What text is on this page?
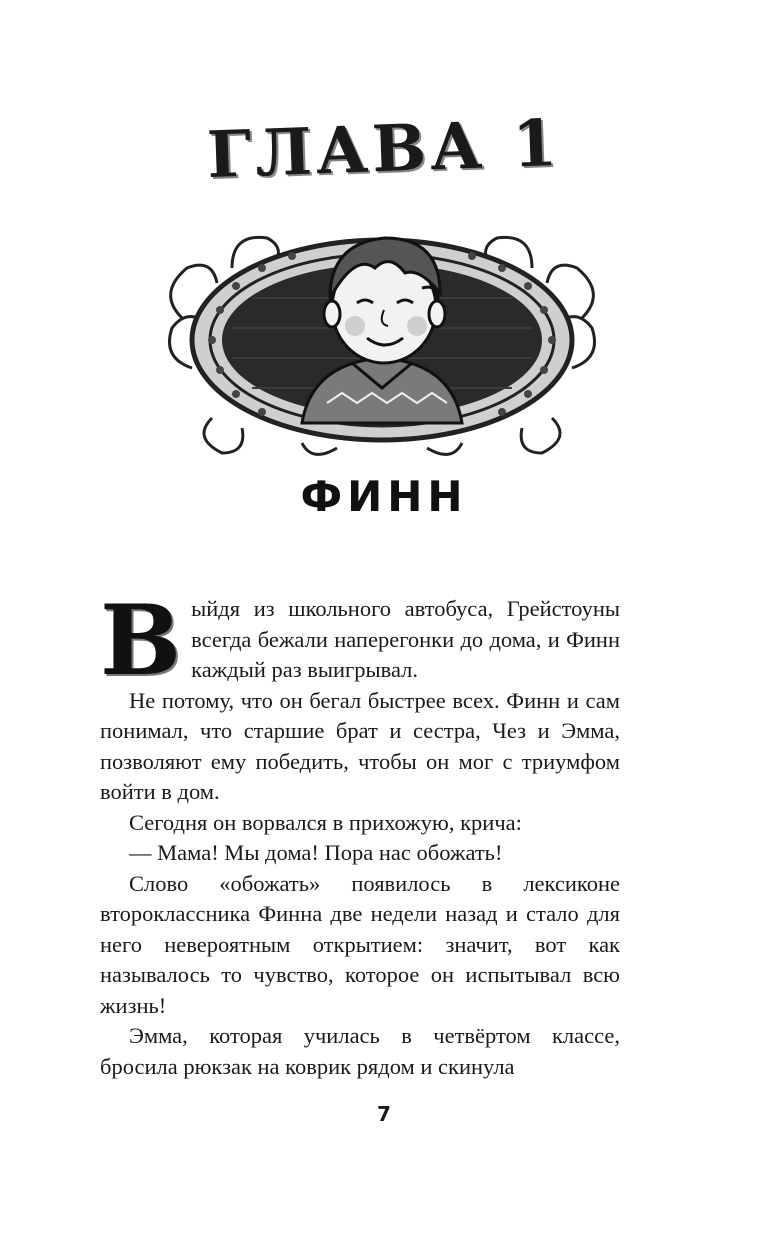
ГЛАВА 1
ФИНН

Выйдя из школьного автобуса, Грейстоуны всегда бежали наперегонки до дома, и Финн каждый раз выигрывал.

Не потому, что он бегал быстрее всех. Финн и сам понимал, что старшие брат и сестра, Чез и Эмма, позволяют ему победить, чтобы он мог с триумфом войти в дом.

Сегодня он ворвался в прихожую, крича:

— Мама! Мы дома! Пора нас обожать!

Слово «обожать» появилось в лексиконе второклассника Финна две недели назад и стало для него невероятным открытием: значит, вот как называлось то чувство, которое он испытывал всю жизнь!

Эмма, которая училась в четвёртом классе, бросила рюкзак на коврик рядом и скинула

7
